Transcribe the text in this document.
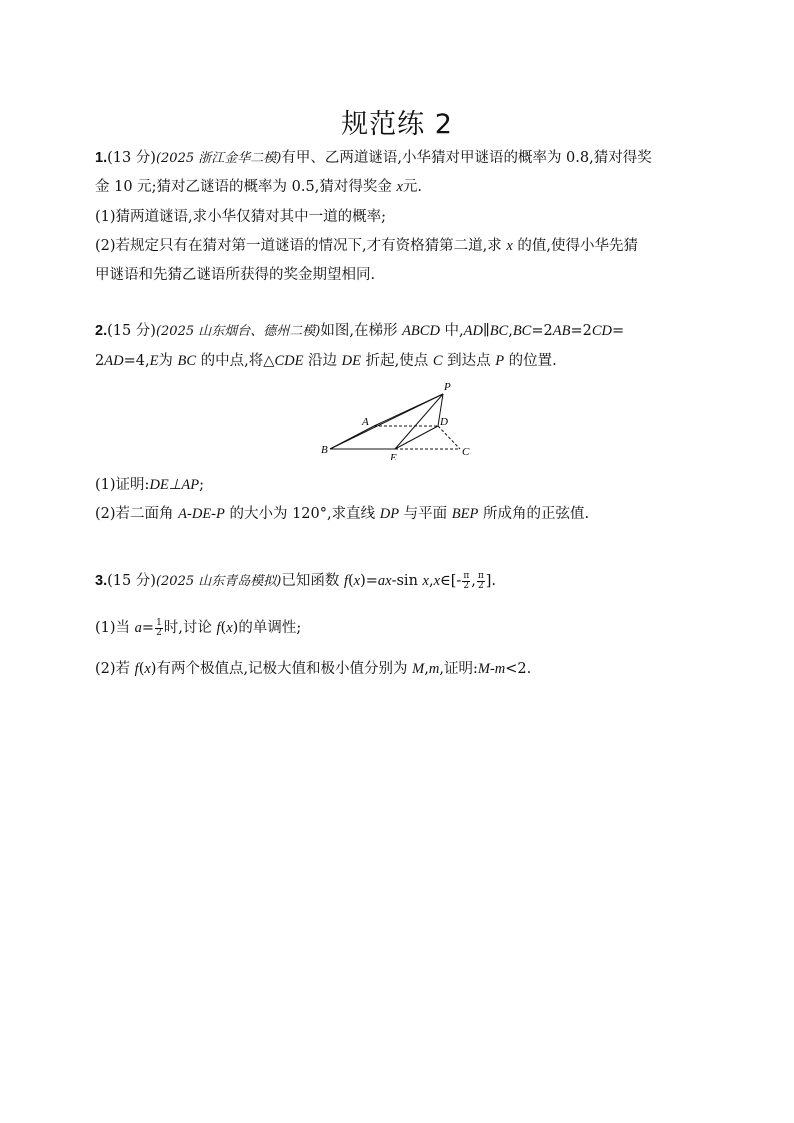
规范练 2
1.(13 分)(2025 浙江金华二模)有甲、乙两道谜语,小华猜对甲谜语的概率为 0.8,猜对得奖
金 10 元;猜对乙谜语的概率为 0.5,猜对得奖金 x元.
(1)猜两道谜语,求小华仅猜对其中一道的概率;
(2)若规定只有在猜对第一道谜语的情况下,才有资格猜第二道,求 x 的值,使得小华先猜
甲谜语和先猜乙谜语所获得的奖金期望相同.
2.(15 分)(2025 山东烟台、德州二模)如图,在梯形 ABCD 中,AD∥BC,BC=2AB=2CD=
2AD=4,E为 BC 的中点,将△CDE 沿边 DE 折起,使点 C 到达点 P 的位置.
P
A	D
B
E	C
(1)证明:DE⊥AP;
(2)若二面角 A-DE-P 的大小为 120°,求直线 DP 与平面 BEP 所成角的正弦值.
3.(15 分)(2025 山东青岛模拟)已知函数 f(x)=ax-sin x,x∈[- $\frac{\pi}{2}$ , $\frac{\pi}{2}$ ].
(1)当 $a= \frac{1}{2}$ 时,讨论 f(x)的单调性;
(2)若 f(x)有两个极值点,记极大值和极小值分别为 M,m,证明:M-m<2.
